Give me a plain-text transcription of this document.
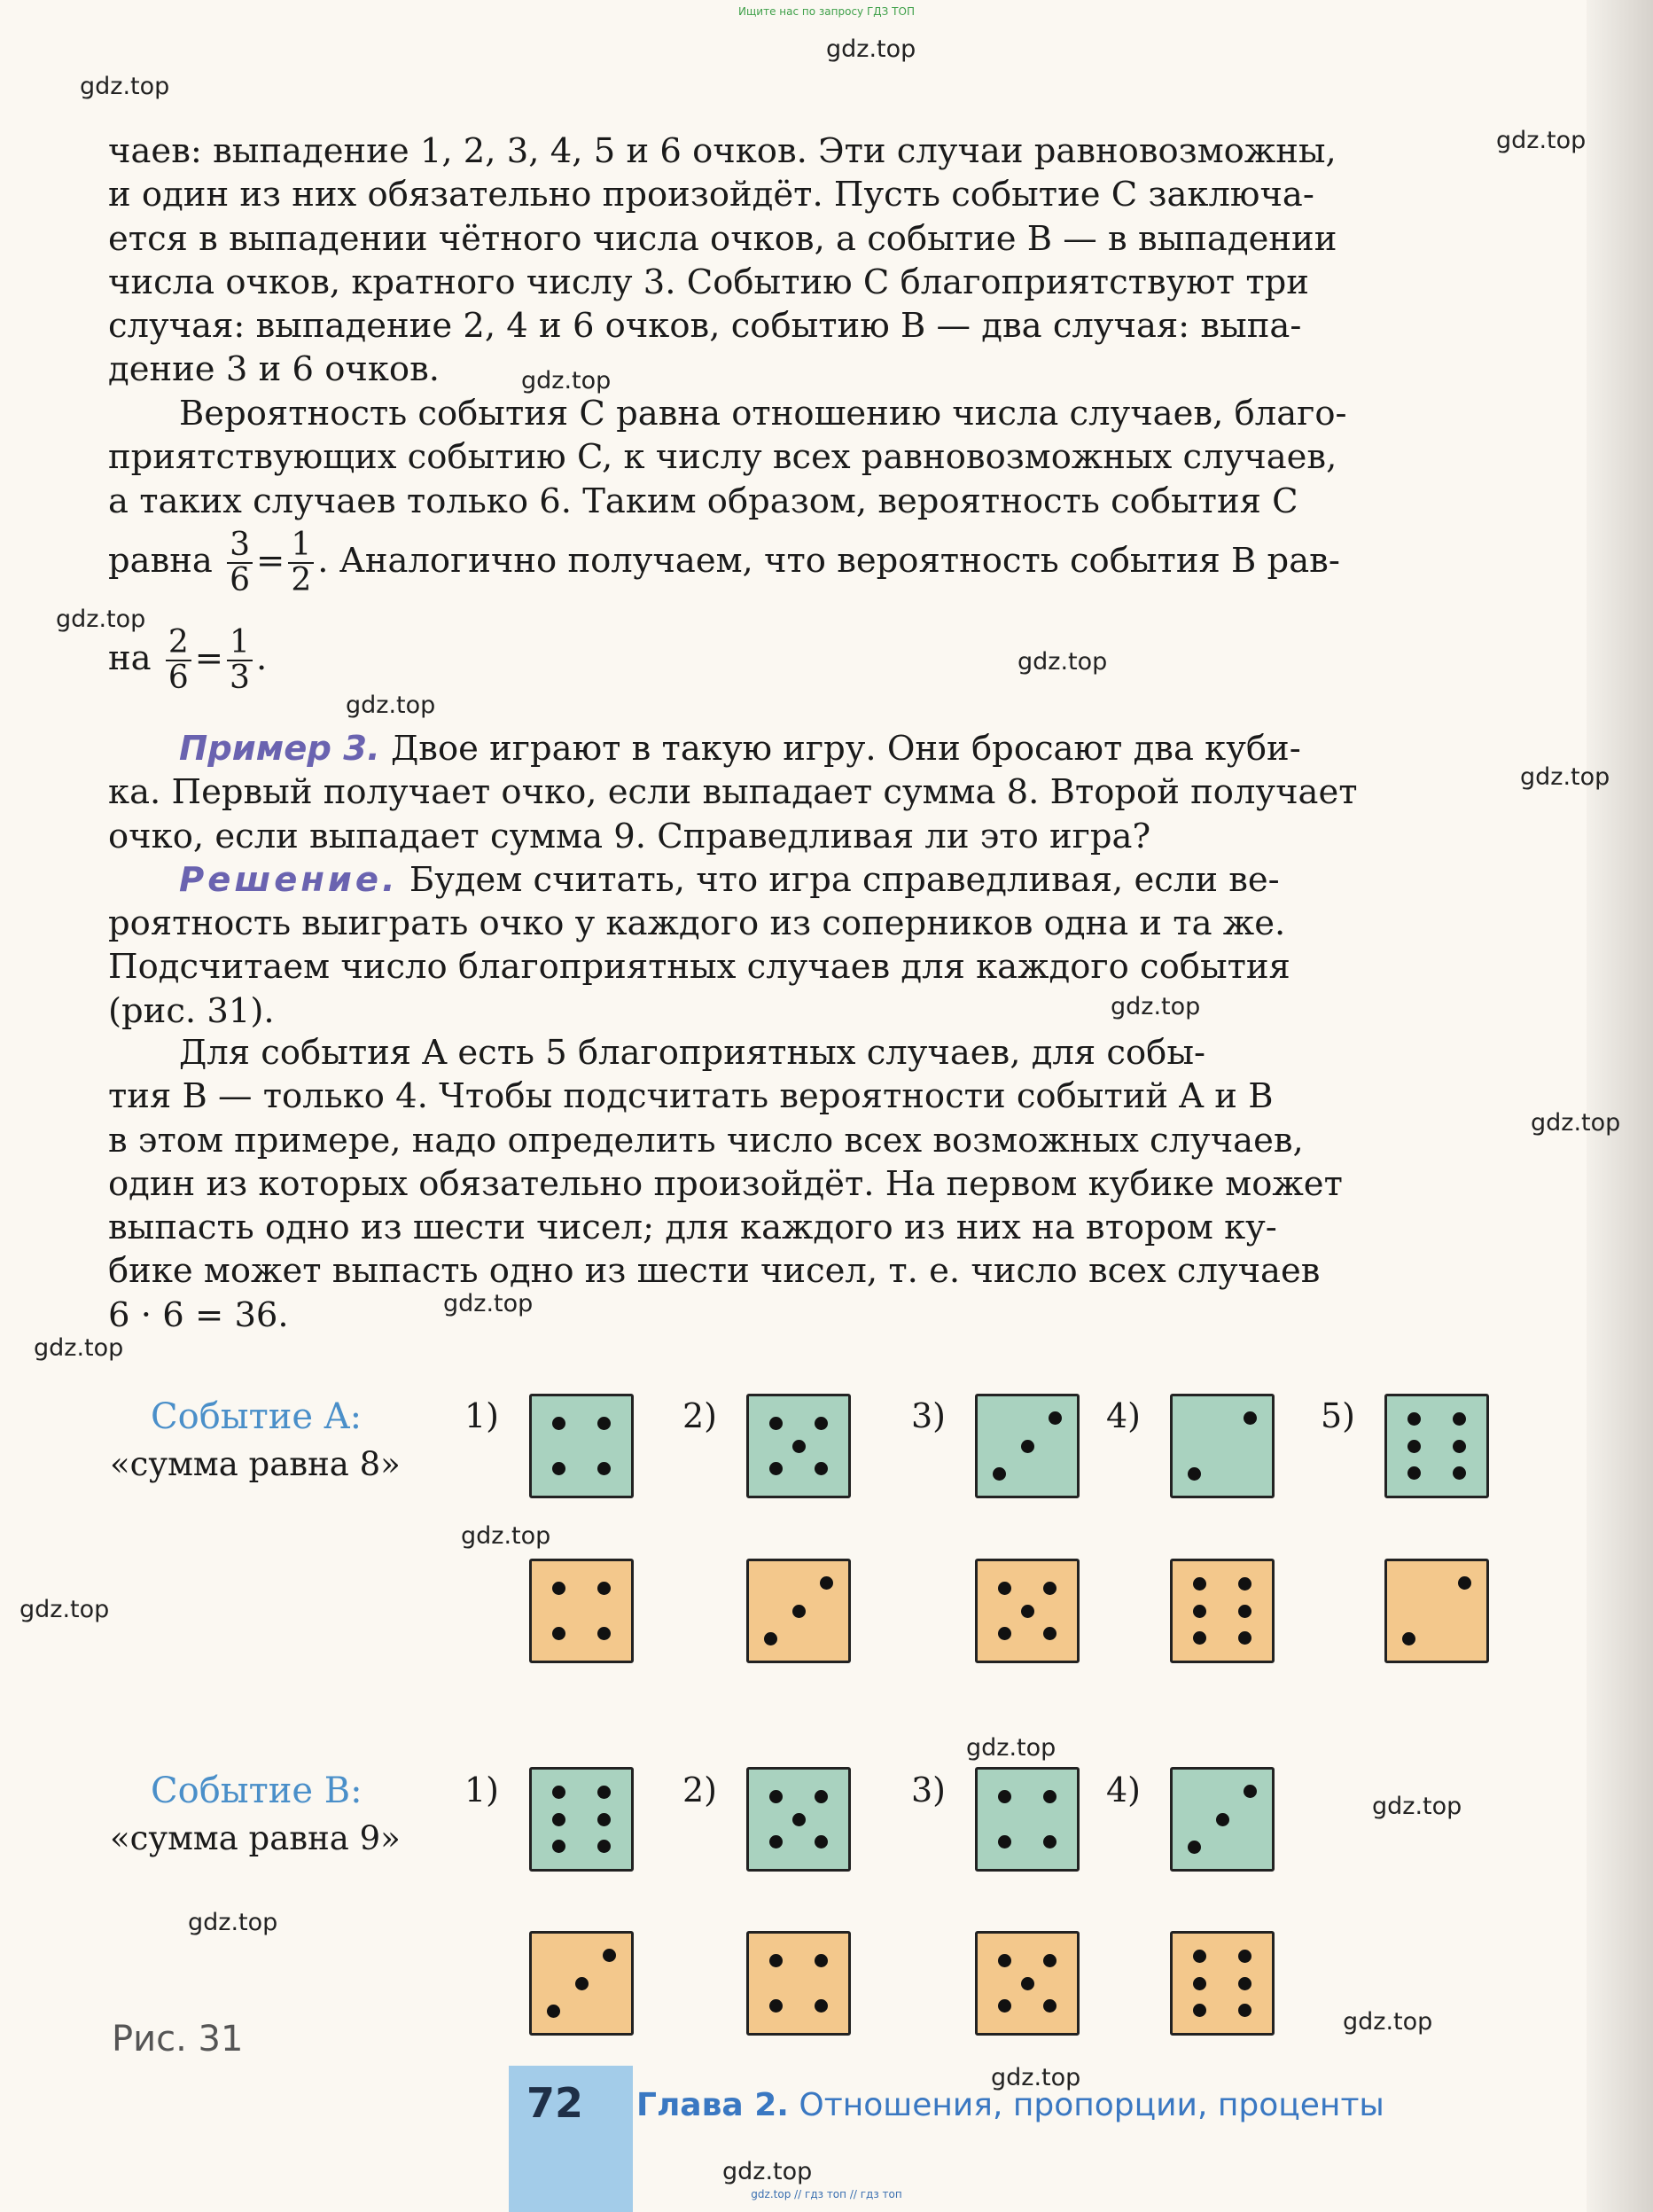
Ищите нас по запросу ГДЗ ТОП
gdz.top
gdz.top
gdz.top
gdz.top
gdz.top
gdz.top
gdz.top
gdz.top
gdz.top
gdz.top
gdz.top
gdz.top
gdz.top
gdz.top
gdz.top
gdz.top
gdz.top
gdz.top
gdz.top
gdz.top
чаев: выпадение 1, 2, 3, 4, 5 и 6 очков. Эти случаи равновозможны,
и один из них обязательно произойдёт. Пусть событие C заключа-
ется в выпадении чётного числа очков, а событие B — в выпадении
числа очков, кратного числу 3. Событию C благоприятствуют три
случая: выпадение 2, 4 и 6 очков, событию B — два случая: выпа-
дение 3 и 6 очков.
Вероятность события C равна отношению числа случаев, благо-
приятствующих событию C, к числу всех равновозможных случаев,
а таких случаев только 6. Таким образом, вероятность события C
равна $\frac{3}{6} = \frac{1}{2}$ . Аналогично получаем, что вероятность события B рав-
на $\frac{2}{6} = \frac{1}{3}$ .
Пример 3. Двое играют в такую игру. Они бросают два куби-
ка. Первый получает очко, если выпадает сумма 8. Второй получает
очко, если выпадает сумма 9. Справедливая ли это игра?
Решение. Будем считать, что игра справедливая, если ве-
роятность выиграть очко у каждого из соперников одна и та же.
Подсчитаем число благоприятных случаев для каждого события
(рис. 31).
Для события A есть 5 благоприятных случаев, для собы-
тия B — только 4. Чтобы подсчитать вероятности событий A и B
в этом примере, надо определить число всех возможных случаев,
один из которых обязательно произойдёт. На первом кубике может
выпасть одно из шести чисел; для каждого из них на втором ку-
бике может выпасть одно из шести чисел, т. е. число всех случаев
6 · 6 = 36.
Событие A:
«сумма равна 8»
Событие B:
«сумма равна 9»
1)	2)	3)	4)	5)
1)	2)	3)	4)
Рис. 31
72 Глава 2. Отношения, пропорции, проценты
gdz.top // гдз топ // гдз топ
